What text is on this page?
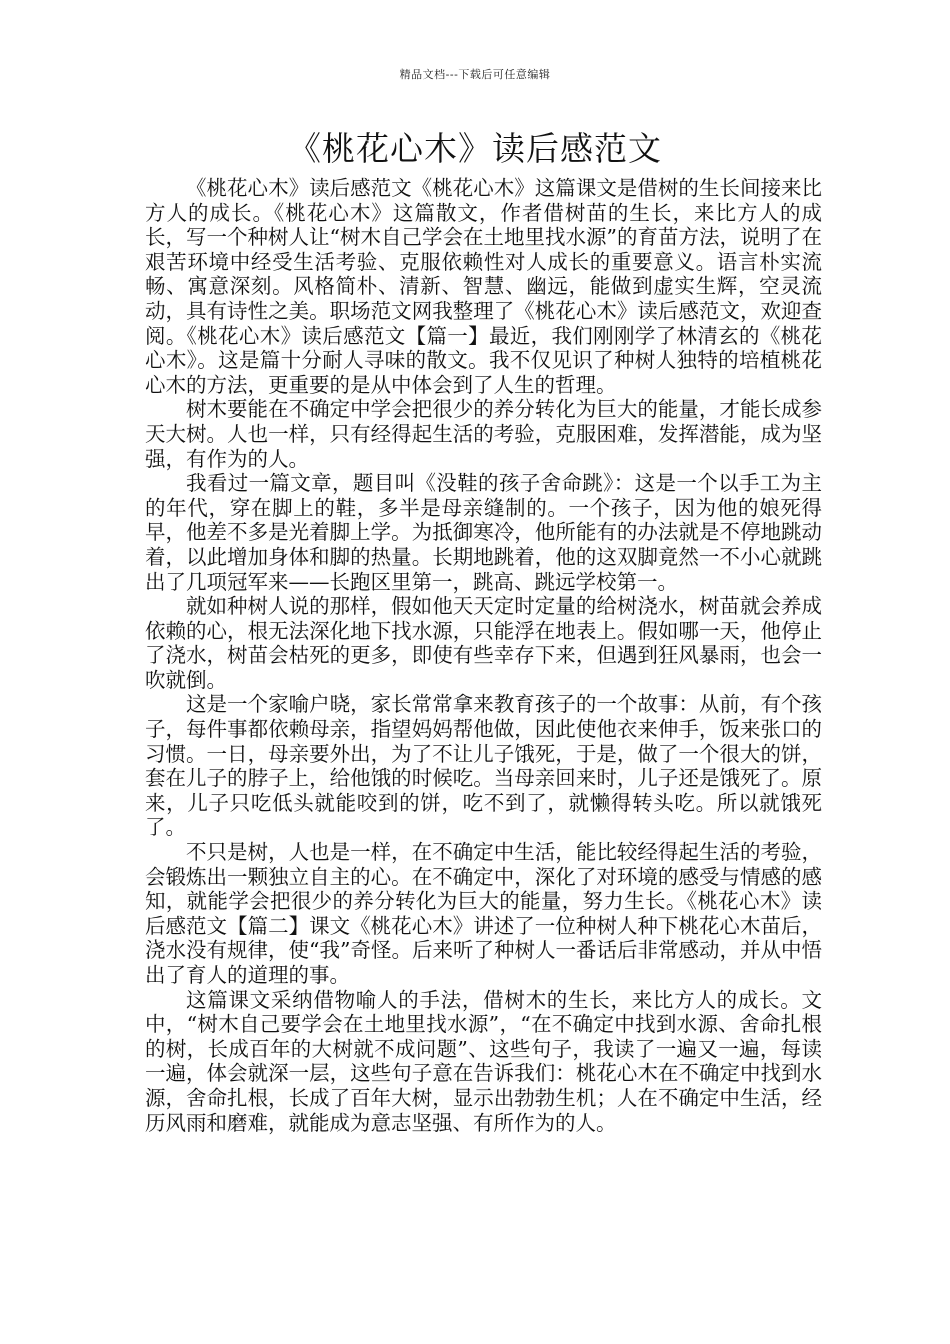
精品文档---下载后可任意编辑
《桃花心木》读后感范文

《桃花心木》读后感范文《桃花心木》这篇课文是借树的生长间接来比方人的成长。《桃花心木》这篇散文，作者借树苗的生长，来比方人的成长，写一个种树人让“树木自己学会在土地里找水源”的育苗方法，说明了在艰苦环境中经受生活考验、克服依赖性对人成长的重要意义。语言朴实流畅、寓意深刻。风格简朴、清新、智慧、幽远，能做到虚实生辉，空灵流动，具有诗性之美。职场范文网我整理了《桃花心木》读后感范文，欢迎查阅。《桃花心木》读后感范文【篇一】最近，我们刚刚学了林清玄的《桃花心木》。这是篇十分耐人寻味的散文。我不仅见识了种树人独特的培植桃花心木的方法，更重要的是从中体会到了人生的哲理。

树木要能在不确定中学会把很少的养分转化为巨大的能量，才能长成参天大树。人也一样，只有经得起生活的考验，克服困难，发挥潜能，成为坚强，有作为的人。

我看过一篇文章，题目叫《没鞋的孩子舍命跳》：这是一个以手工为主的年代，穿在脚上的鞋，多半是母亲缝制的。一个孩子，因为他的娘死得早，他差不多是光着脚上学。为抵御寒冷，他所能有的办法就是不停地跳动着，以此增加身体和脚的热量。长期地跳着，他的这双脚竟然一不小心就跳出了几项冠军来——长跑区里第一，跳高、跳远学校第一。

就如种树人说的那样，假如他天天定时定量的给树浇水，树苗就会养成依赖的心，根无法深化地下找水源，只能浮在地表上。假如哪一天，他停止了浇水，树苗会枯死的更多，即使有些幸存下来，但遇到狂风暴雨，也会一吹就倒。

这是一个家喻户晓，家长常常拿来教育孩子的一个故事：从前，有个孩子，每件事都依赖母亲，指望妈妈帮他做，因此使他衣来伸手，饭来张口的习惯。一日，母亲要外出，为了不让儿子饿死，于是，做了一个很大的饼，套在儿子的脖子上，给他饿的时候吃。当母亲回来时，儿子还是饿死了。原来，儿子只吃低头就能咬到的饼，吃不到了，就懒得转头吃。所以就饿死了。

不只是树，人也是一样，在不确定中生活，能比较经得起生活的考验，会锻炼出一颗独立自主的心。在不确定中，深化了对环境的感受与情感的感知，就能学会把很少的养分转化为巨大的能量，努力生长。《桃花心木》读后感范文【篇二】课文《桃花心木》讲述了一位种树人种下桃花心木苗后，浇水没有规律，使“我”奇怪。后来听了种树人一番话后非常感动，并从中悟出了育人的道理的事。

这篇课文采纳借物喻人的手法，借树木的生长，来比方人的成长。文中，“树木自己要学会在土地里找水源”，“在不确定中找到水源、舍命扎根的树，长成百年的大树就不成问题”、这些句子，我读了一遍又一遍，每读一遍，体会就深一层，这些句子意在告诉我们：桃花心木在不确定中找到水源，舍命扎根，长成了百年大树，显示出勃勃生机；人在不确定中生活，经历风雨和磨难，就能成为意志坚强、有所作为的人。
